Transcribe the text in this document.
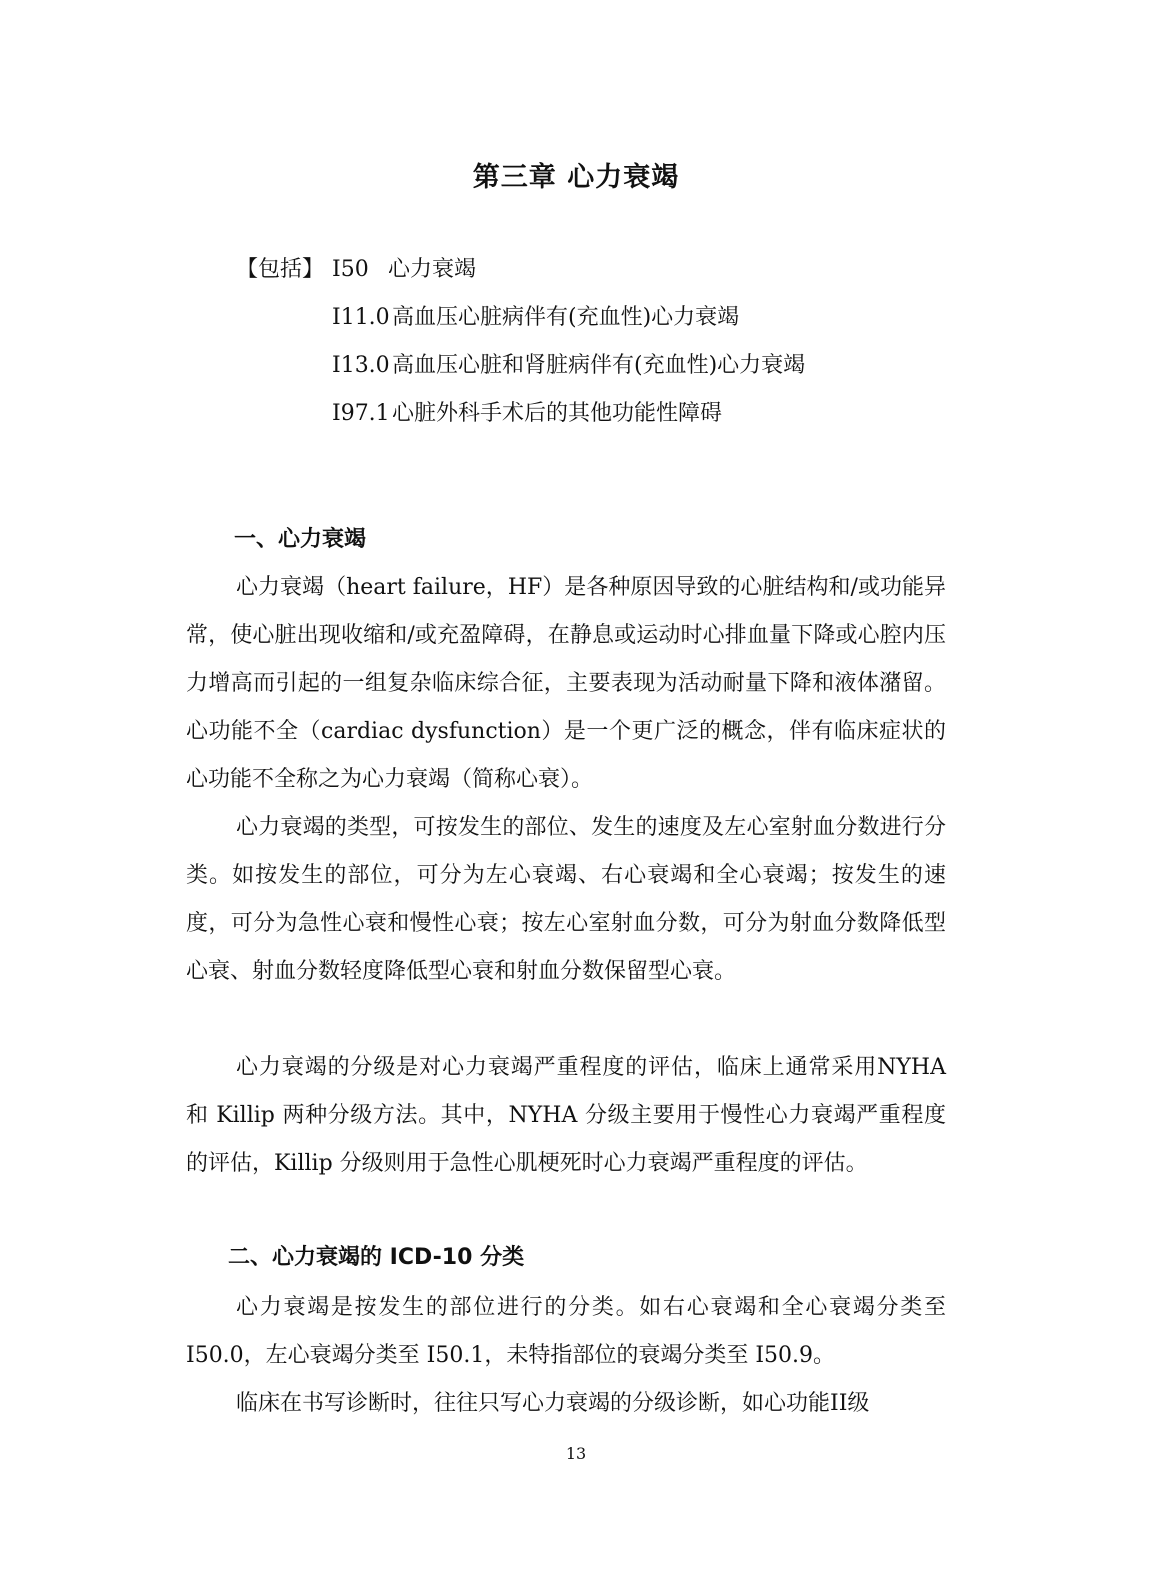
第三章 心力衰竭
【包括】 I50 心力衰竭
I11.0 高血压心脏病伴有(充血性)心力衰竭
I13.0 高血压心脏和肾脏病伴有(充血性)心力衰竭
I97.1 心脏外科手术后的其他功能性障碍
一、心力衰竭

心力衰竭（heart failure，HF）是各种原因导致的心脏结构和/或功能异常，使心脏出现收缩和/或充盈障碍，在静息或运动时心排血量下降或心腔内压力增高而引起的一组复杂临床综合征，主要表现为活动耐量下降和液体潴留。心功能不全（cardiac dysfunction）是一个更广泛的概念，伴有临床症状的心功能不全称之为心力衰竭（简称心衰）。

心力衰竭的类型，可按发生的部位、发生的速度及左心室射血分数进行分类。如按发生的部位，可分为左心衰竭、右心衰竭和全心衰竭；按发生的速度，可分为急性心衰和慢性心衰；按左心室射血分数，可分为射血分数降低型心衰、射血分数轻度降低型心衰和射血分数保留型心衰。

心力衰竭的分级是对心力衰竭严重程度的评估，临床上通常采用NYHA 和 Killip 两种分级方法。其中，NYHA 分级主要用于慢性心力衰竭严重程度的评估，Killip 分级则用于急性心肌梗死时心力衰竭严重程度的评估。

二、心力衰竭的 ICD-10 分类

心力衰竭是按发生的部位进行的分类。如右心衰竭和全心衰竭分类至 I50.0，左心衰竭分类至 I50.1，未特指部位的衰竭分类至 I50.9。

临床在书写诊断时，往往只写心力衰竭的分级诊断，如心功能II级

13
